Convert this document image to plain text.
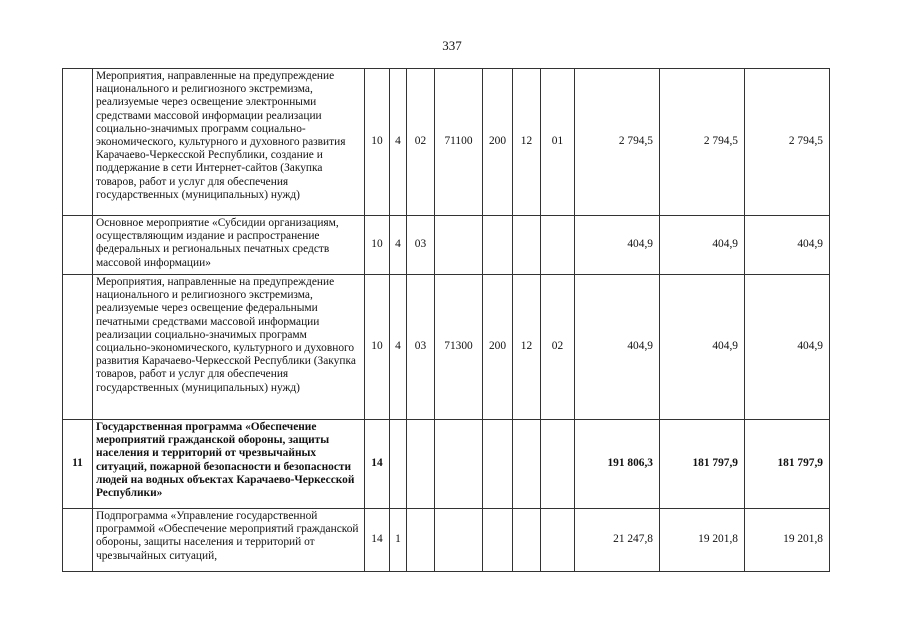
337
	Мероприятия, направленные на предупреждение национального и религиозного экстремизма, реализуемые через освещение электронными средствами массовой информации реализации социально-значимых программ социально-экономического, культурного и духовного развития Карачаево-Черкесской Республики, создание и поддержание в сети Интернет-сайтов (Закупка товаров, работ и услуг для обеспечения государственных (муниципальных) нужд)	10	4	02	71100	200	12	01	2 794,5	2 794,5	2 794,5
	Основное мероприятие «Субсидии организациям, осуществляющим издание и распространение федеральных и региональных печатных средств массовой информации»	10	4	03					404,9	404,9	404,9
	Мероприятия, направленные на предупреждение национального и религиозного экстремизма, реализуемые через освещение федеральными печатными средствами массовой информации реализации социально-значимых программ социально-экономического, культурного и духовного развития Карачаево-Черкесской Республики (Закупка товаров, работ и услуг для обеспечения государственных (муниципальных) нужд)	10	4	03	71300	200	12	02	404,9	404,9	404,9
11	Государственная программа «Обеспечение мероприятий гражданской обороны, защиты населения и территорий от чрезвычайных ситуаций, пожарной безопасности и безопасности людей на водных объектах Карачаево-Черкесской Республики»	14							191 806,3	181 797,9	181 797,9
	Подпрограмма «Управление государственной программой «Обеспечение мероприятий гражданской обороны, защиты населения и территорий от чрезвычайных ситуаций,	14	1						21 247,8	19 201,8	19 201,8
